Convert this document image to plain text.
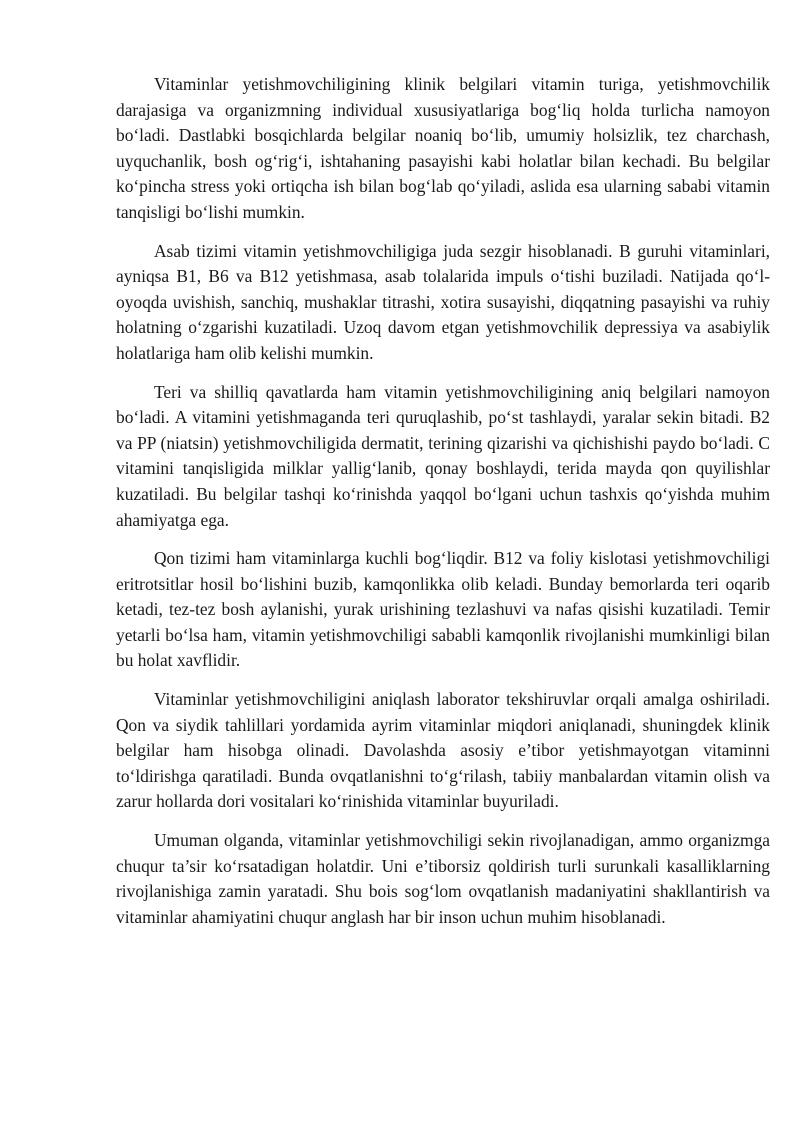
Vitaminlar yetishmovchiligining klinik belgilari vitamin turiga, yetishmovchilik darajasiga va organizmning individual xususiyatlariga bog‘liq holda turlicha namoyon bo‘ladi. Dastlabki bosqichlarda belgilar noaniq bo‘lib, umumiy holsizlik, tez charchash, uyquchanlik, bosh og‘rig‘i, ishtahaning pasayishi kabi holatlar bilan kechadi. Bu belgilar ko‘pincha stress yoki ortiqcha ish bilan bog‘lab qo‘yiladi, aslida esa ularning sababi vitamin tanqisligi bo‘lishi mumkin.

Asab tizimi vitamin yetishmovchiligiga juda sezgir hisoblanadi. B guruhi vitaminlari, ayniqsa B1, B6 va B12 yetishmasa, asab tolalarida impuls o‘tishi buziladi. Natijada qo‘l-oyoqda uvishish, sanchiq, mushaklar titrashi, xotira susayishi, diqqatning pasayishi va ruhiy holatning o‘zgarishi kuzatiladi. Uzoq davom etgan yetishmovchilik depressiya va asabiylik holatlariga ham olib kelishi mumkin.

Teri va shilliq qavatlarda ham vitamin yetishmovchiligining aniq belgilari namoyon bo‘ladi. A vitamini yetishmaganda teri quruqlashib, po‘st tashlaydi, yaralar sekin bitadi. B2 va PP (niatsin) yetishmovchiligida dermatit, terining qizarishi va qichishishi paydo bo‘ladi. C vitamini tanqisligida milklar yallig‘lanib, qonay boshlaydi, terida mayda qon quyilishlar kuzatiladi. Bu belgilar tashqi ko‘rinishda yaqqol bo‘lgani uchun tashxis qo‘yishda muhim ahamiyatga ega.

Qon tizimi ham vitaminlarga kuchli bog‘liqdir. B12 va foliy kislotasi yetishmovchiligi eritrotsitlar hosil bo‘lishini buzib, kamqonlikka olib keladi. Bunday bemorlarda teri oqarib ketadi, tez-tez bosh aylanishi, yurak urishining tezlashuvi va nafas qisishi kuzatiladi. Temir yetarli bo‘lsa ham, vitamin yetishmovchiligi sababli kamqonlik rivojlanishi mumkinligi bilan bu holat xavflidir.

Vitaminlar yetishmovchiligini aniqlash laborator tekshiruvlar orqali amalga oshiriladi. Qon va siydik tahlillari yordamida ayrim vitaminlar miqdori aniqlanadi, shuningdek klinik belgilar ham hisobga olinadi. Davolashda asosiy e’tibor yetishmayotgan vitaminni to‘ldirishga qaratiladi. Bunda ovqatlanishni to‘g‘rilash, tabiiy manbalardan vitamin olish va zarur hollarda dori vositalari ko‘rinishida vitaminlar buyuriladi.

Umuman olganda, vitaminlar yetishmovchiligi sekin rivojlanadigan, ammo organizmga chuqur ta’sir ko‘rsatadigan holatdir. Uni e’tiborsiz qoldirish turli surunkali kasalliklarning rivojlanishiga zamin yaratadi. Shu bois sog‘lom ovqatlanish madaniyatini shakllantirish va vitaminlar ahamiyatini chuqur anglash har bir inson uchun muhim hisoblanadi.
